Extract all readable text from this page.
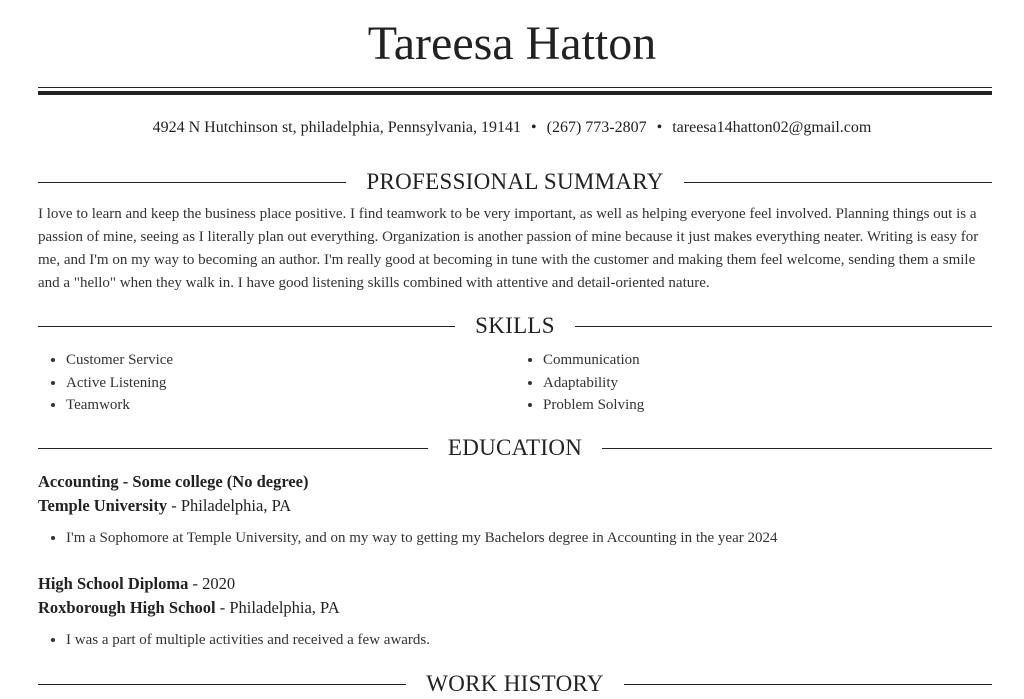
Tareesa Hatton
4924 N Hutchinson st, philadelphia, Pennsylvania, 19141 • (267) 773-2807 • tareesa14hatton02@gmail.com
PROFESSIONAL SUMMARY
I love to learn and keep the business place positive. I find teamwork to be very important, as well as helping everyone feel involved. Planning things out is a passion of mine, seeing as I literally plan out everything. Organization is another passion of mine because it just makes everything neater. Writing is easy for me, and I'm on my way to becoming an author. I'm really good at becoming in tune with the customer and making them feel welcome, sending them a smile and a "hello" when they walk in. I have good listening skills combined with attentive and detail-oriented nature.
SKILLS
• Customer Service
• Active Listening
• Teamwork
• Communication
• Adaptability
• Problem Solving
EDUCATION
Accounting - Some college (No degree)
Temple University - Philadelphia, PA
• I'm a Sophomore at Temple University, and on my way to getting my Bachelors degree in Accounting in the year 2024
High School Diploma - 2020
Roxborough High School - Philadelphia, PA
• I was a part of multiple activities and received a few awards.
WORK HISTORY
